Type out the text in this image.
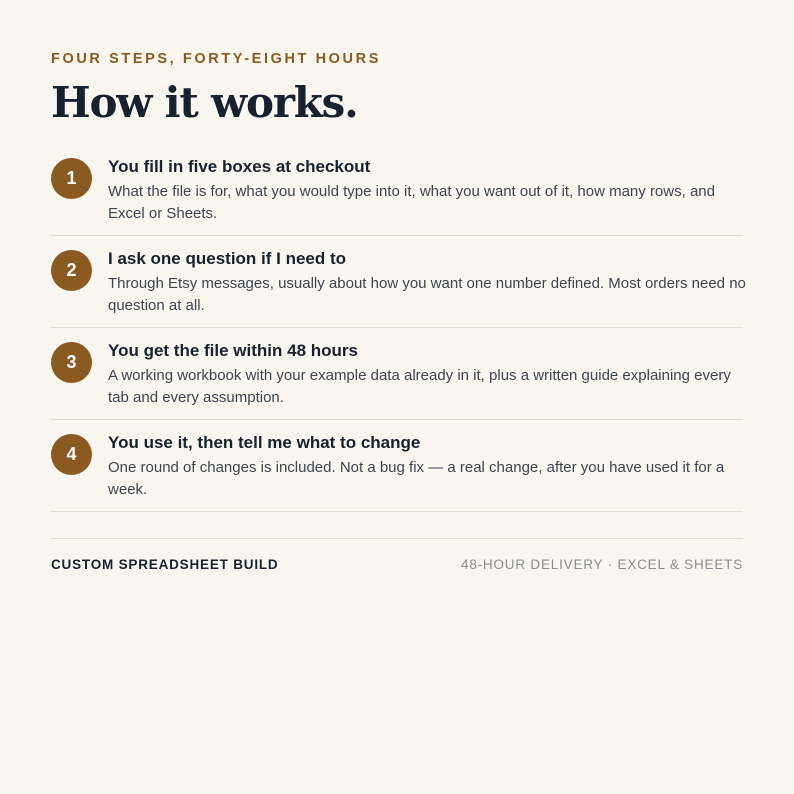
FOUR STEPS, FORTY-EIGHT HOURS
How it works.
1
You fill in five boxes at checkout
What the file is for, what you would type into it, what you want out of it, how many rows, and Excel or Sheets.
2
I ask one question if I need to
Through Etsy messages, usually about how you want one number defined. Most orders need no question at all.
3
You get the file within 48 hours
A working workbook with your example data already in it, plus a written guide explaining every tab and every assumption.
4
You use it, then tell me what to change
One round of changes is included. Not a bug fix — a real change, after you have used it for a week.
CUSTOM SPREADSHEET BUILD	48-HOUR DELIVERY · EXCEL & SHEETS
